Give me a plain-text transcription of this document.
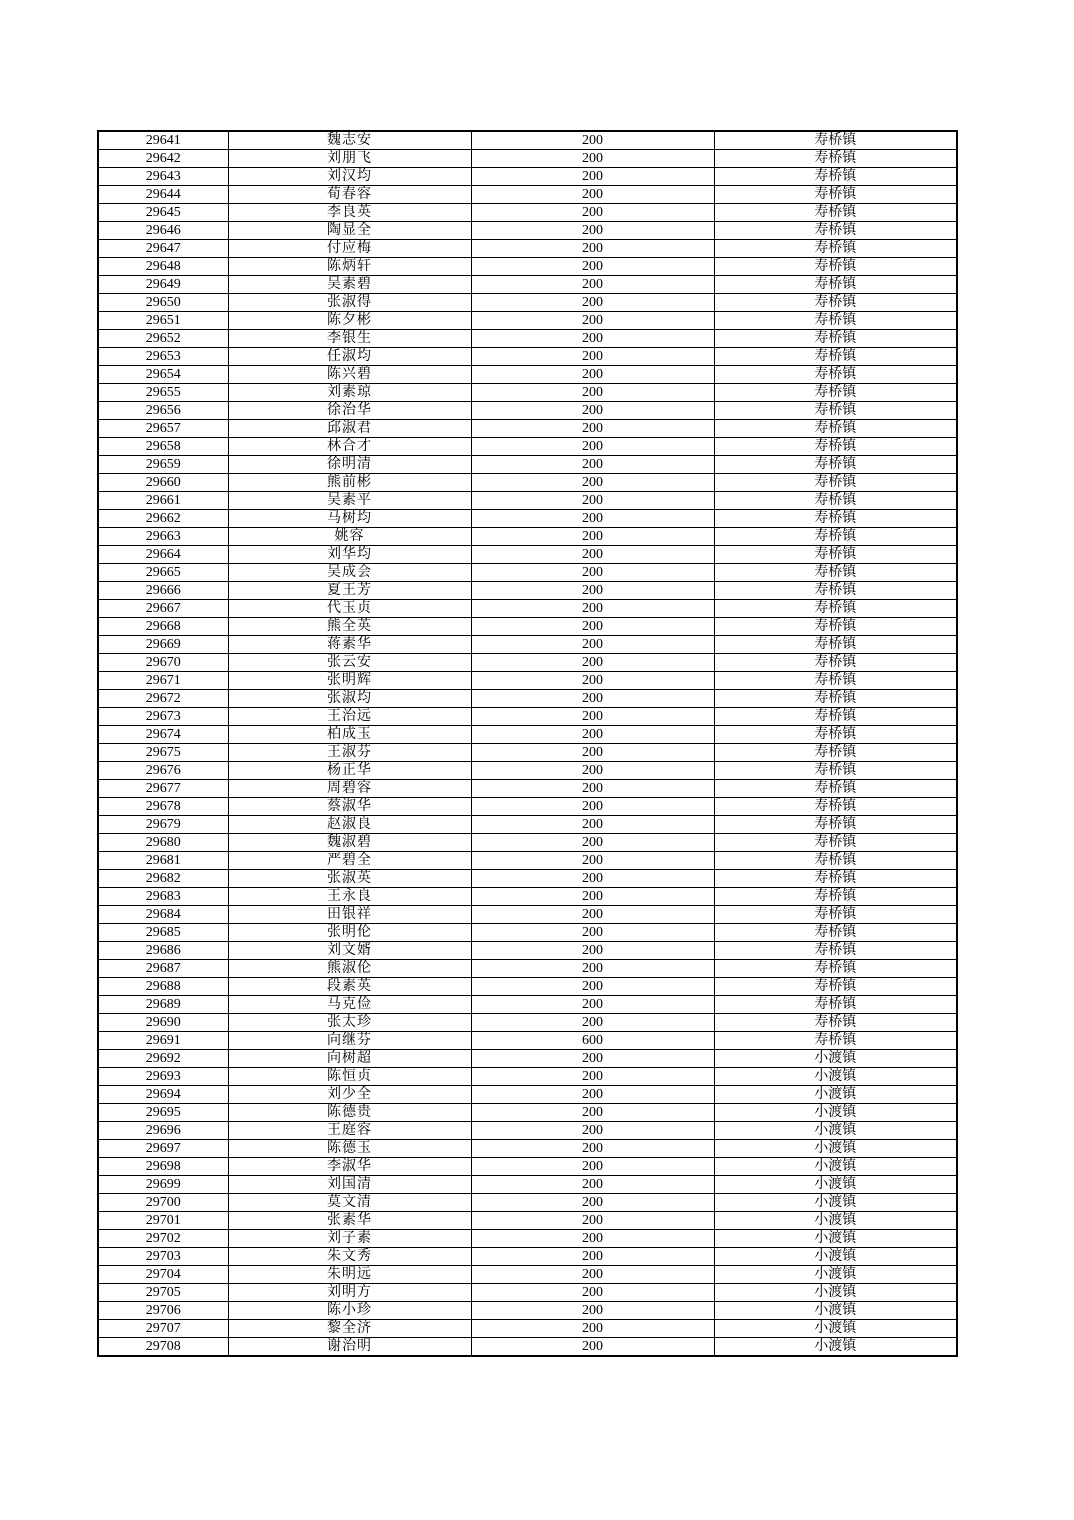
29641	魏志安	200	寿桥镇
29642	刘朋飞	200	寿桥镇
29643	刘汉均	200	寿桥镇
29644	荀春容	200	寿桥镇
29645	李良英	200	寿桥镇
29646	陶显全	200	寿桥镇
29647	付应梅	200	寿桥镇
29648	陈炳轩	200	寿桥镇
29649	吴素碧	200	寿桥镇
29650	张淑得	200	寿桥镇
29651	陈夕彬	200	寿桥镇
29652	李银生	200	寿桥镇
29653	任淑均	200	寿桥镇
29654	陈兴碧	200	寿桥镇
29655	刘素琼	200	寿桥镇
29656	徐治华	200	寿桥镇
29657	邱淑君	200	寿桥镇
29658	林合才	200	寿桥镇
29659	徐明清	200	寿桥镇
29660	熊前彬	200	寿桥镇
29661	吴素平	200	寿桥镇
29662	马树均	200	寿桥镇
29663	姚容	200	寿桥镇
29664	刘华均	200	寿桥镇
29665	吴成会	200	寿桥镇
29666	夏王芳	200	寿桥镇
29667	代玉贞	200	寿桥镇
29668	熊全英	200	寿桥镇
29669	蒋素华	200	寿桥镇
29670	张云安	200	寿桥镇
29671	张明辉	200	寿桥镇
29672	张淑均	200	寿桥镇
29673	王治远	200	寿桥镇
29674	柏成玉	200	寿桥镇
29675	王淑芬	200	寿桥镇
29676	杨正华	200	寿桥镇
29677	周碧容	200	寿桥镇
29678	蔡淑华	200	寿桥镇
29679	赵淑良	200	寿桥镇
29680	魏淑碧	200	寿桥镇
29681	严碧全	200	寿桥镇
29682	张淑英	200	寿桥镇
29683	王永良	200	寿桥镇
29684	田银祥	200	寿桥镇
29685	张明伦	200	寿桥镇
29686	刘文婿	200	寿桥镇
29687	熊淑伦	200	寿桥镇
29688	段素英	200	寿桥镇
29689	马克俭	200	寿桥镇
29690	张太珍	200	寿桥镇
29691	向继芬	600	寿桥镇
29692	向树超	200	小渡镇
29693	陈恒贞	200	小渡镇
29694	刘少全	200	小渡镇
29695	陈德贵	200	小渡镇
29696	王庭容	200	小渡镇
29697	陈德玉	200	小渡镇
29698	李淑华	200	小渡镇
29699	刘国清	200	小渡镇
29700	莫文清	200	小渡镇
29701	张素华	200	小渡镇
29702	刘子素	200	小渡镇
29703	朱文秀	200	小渡镇
29704	朱明远	200	小渡镇
29705	刘明方	200	小渡镇
29706	陈小珍	200	小渡镇
29707	黎全济	200	小渡镇
29708	谢治明	200	小渡镇
